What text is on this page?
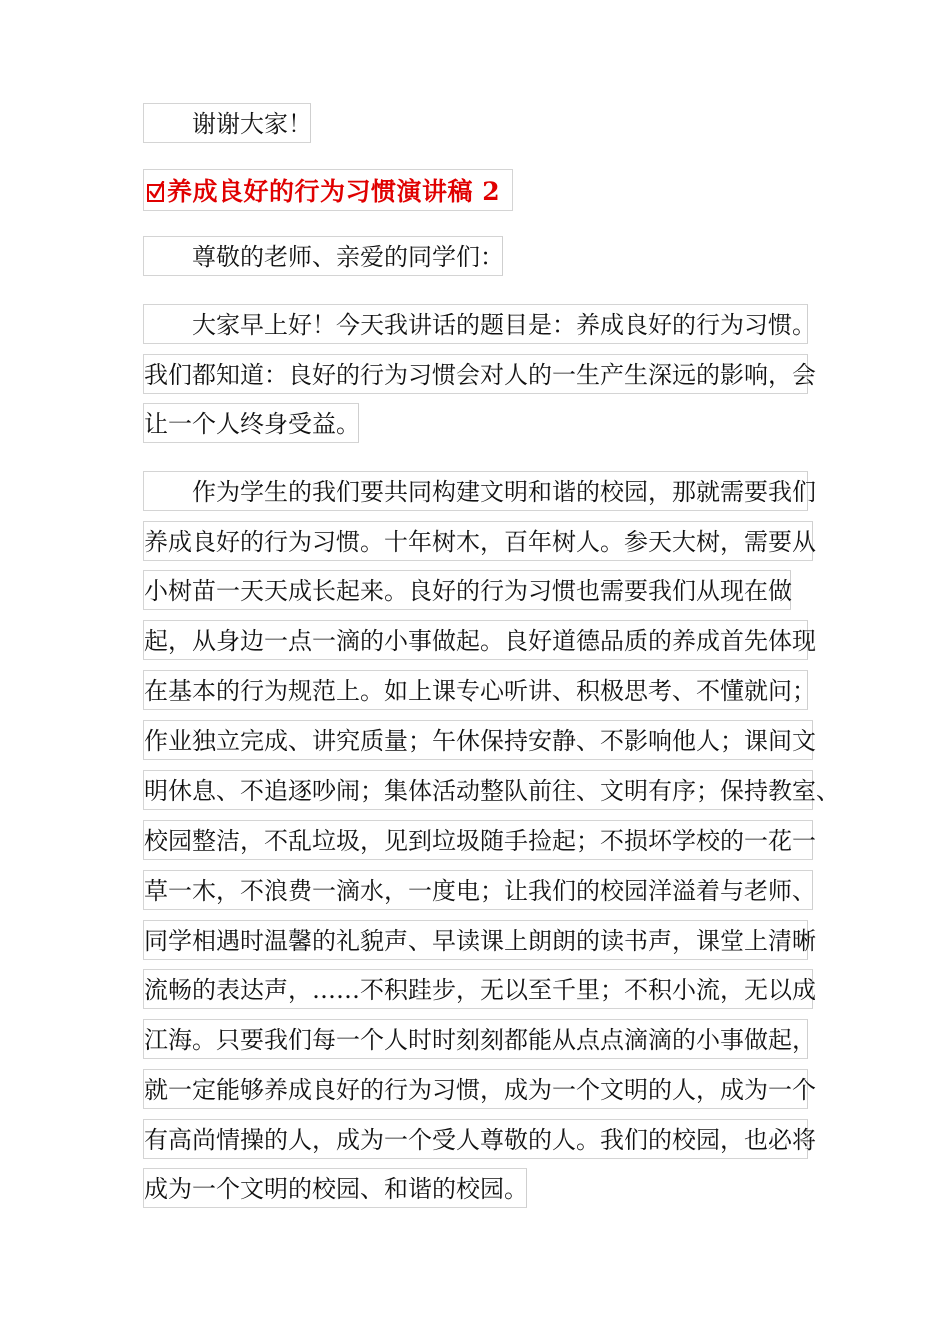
谢谢大家！
养成良好的行为习惯演讲稿 2
尊敬的老师、亲爱的同学们：
大家早上好！今天我讲话的题目是：养成良好的行为习惯。
我们都知道：良好的行为习惯会对人的一生产生深远的影响，会
让一个人终身受益。
作为学生的我们要共同构建文明和谐的校园，那就需要我们
养成良好的行为习惯。十年树木，百年树人。参天大树，需要从
小树苗一天天成长起来。良好的行为习惯也需要我们从现在做
起，从身边一点一滴的小事做起。良好道德品质的养成首先体现
在基本的行为规范上。如上课专心听讲、积极思考、不懂就问；
作业独立完成、讲究质量；午休保持安静、不影响他人；课间文
明休息、不追逐吵闹；集体活动整队前往、文明有序；保持教室、
校园整洁，不乱垃圾，见到垃圾随手捡起；不损坏学校的一花一
草一木，不浪费一滴水，一度电；让我们的校园洋溢着与老师、
同学相遇时温馨的礼貌声、早读课上朗朗的读书声，课堂上清晰
流畅的表达声，……不积跬步，无以至千里；不积小流，无以成
江海。只要我们每一个人时时刻刻都能从点点滴滴的小事做起，
就一定能够养成良好的行为习惯，成为一个文明的人，成为一个
有高尚情操的人，成为一个受人尊敬的人。我们的校园，也必将
成为一个文明的校园、和谐的校园。
